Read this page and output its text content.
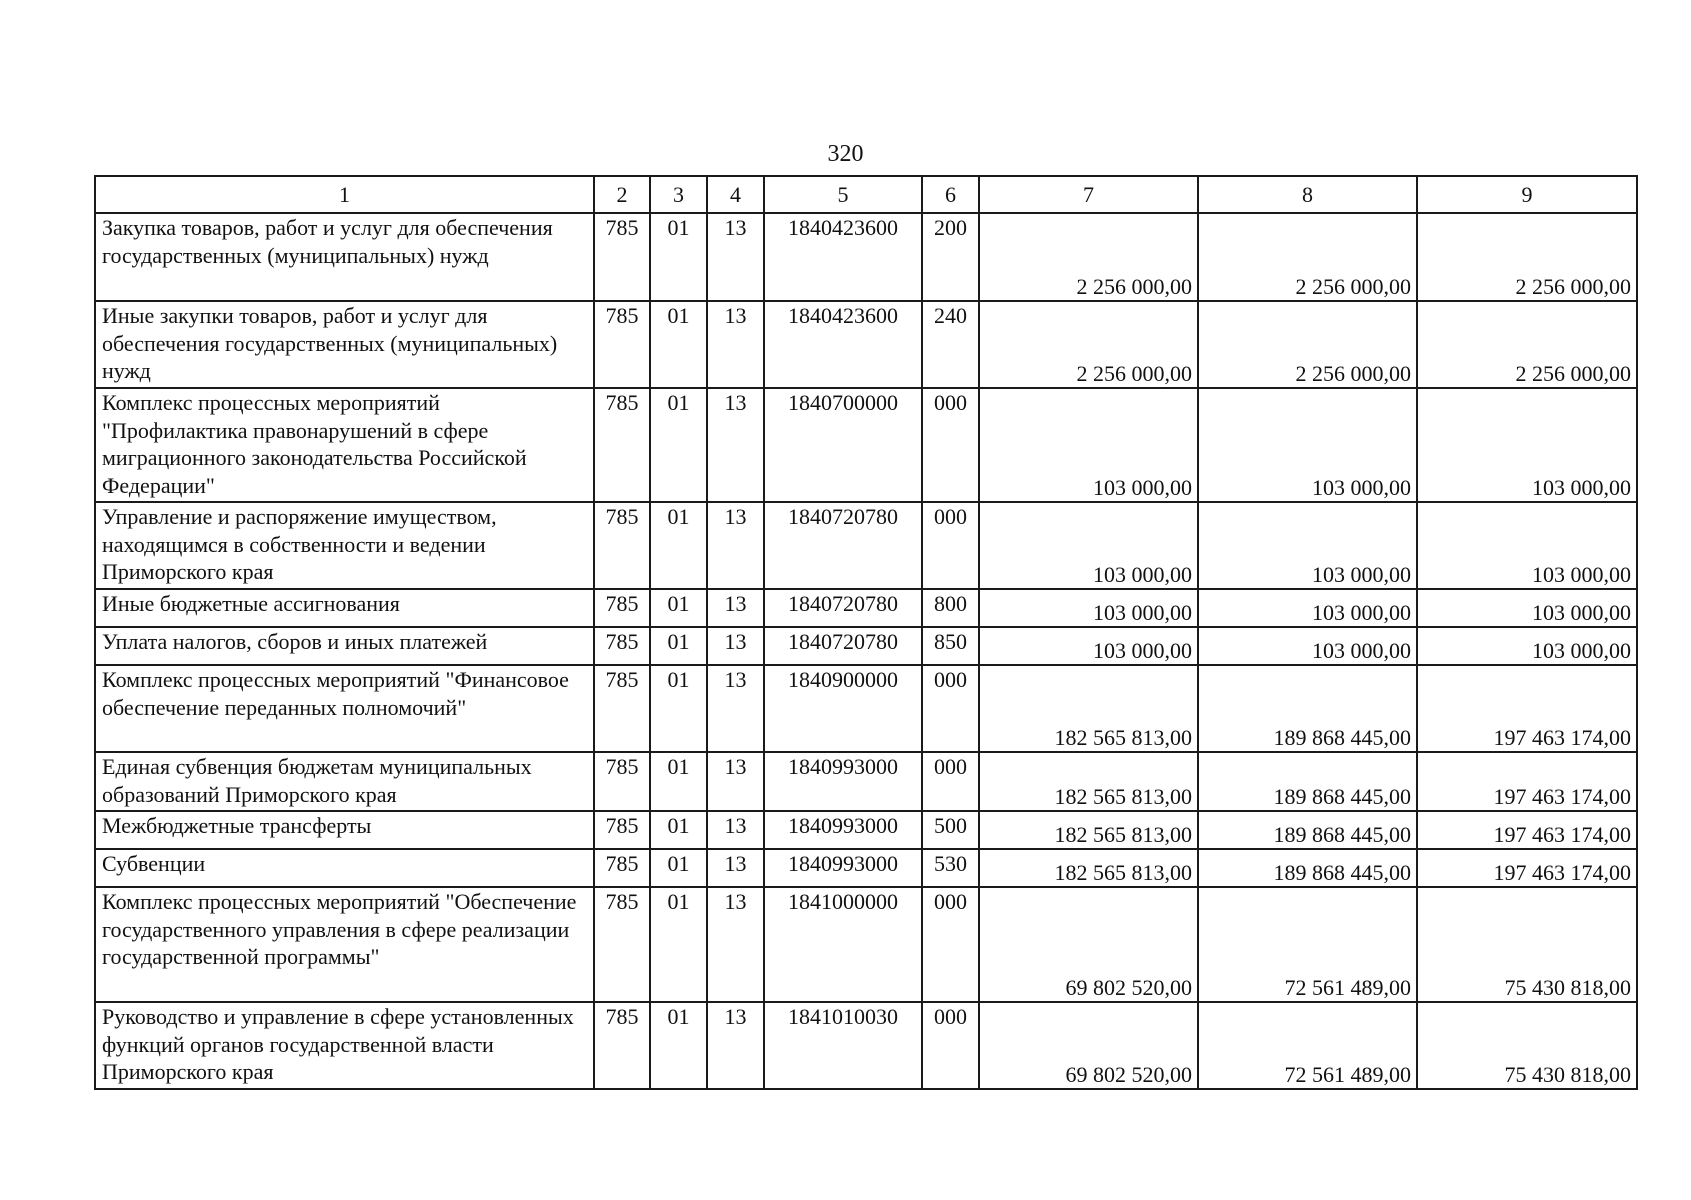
320
1	2	3	4	5	6	7	8	9
Закупка товаров, работ и услуг для обеспечения государственных (муниципальных) нужд	785	01	13	1840423600	200	2 256 000,00	2 256 000,00	2 256 000,00
Иные закупки товаров, работ и услуг для обеспечения государственных (муниципальных) нужд	785	01	13	1840423600	240	2 256 000,00	2 256 000,00	2 256 000,00
Комплекс процессных мероприятий "Профилактика правонарушений в сфере миграционного законодательства Российской Федерации"	785	01	13	1840700000	000	103 000,00	103 000,00	103 000,00
Управление и распоряжение имуществом, находящимся в собственности и ведении Приморского края	785	01	13	1840720780	000	103 000,00	103 000,00	103 000,00
Иные бюджетные ассигнования	785	01	13	1840720780	800	103 000,00	103 000,00	103 000,00
Уплата налогов, сборов и иных платежей	785	01	13	1840720780	850	103 000,00	103 000,00	103 000,00
Комплекс процессных мероприятий "Финансовое обеспечение переданных полномочий"	785	01	13	1840900000	000	182 565 813,00	189 868 445,00	197 463 174,00
Единая субвенция бюджетам муниципальных образований Приморского края	785	01	13	1840993000	000	182 565 813,00	189 868 445,00	197 463 174,00
Межбюджетные трансферты	785	01	13	1840993000	500	182 565 813,00	189 868 445,00	197 463 174,00
Субвенции	785	01	13	1840993000	530	182 565 813,00	189 868 445,00	197 463 174,00
Комплекс процессных мероприятий "Обеспечение государственного управления в сфере реализации государственной программы"	785	01	13	1841000000	000	69 802 520,00	72 561 489,00	75 430 818,00
Руководство и управление в сфере установленных функций органов государственной власти Приморского края	785	01	13	1841010030	000	69 802 520,00	72 561 489,00	75 430 818,00
